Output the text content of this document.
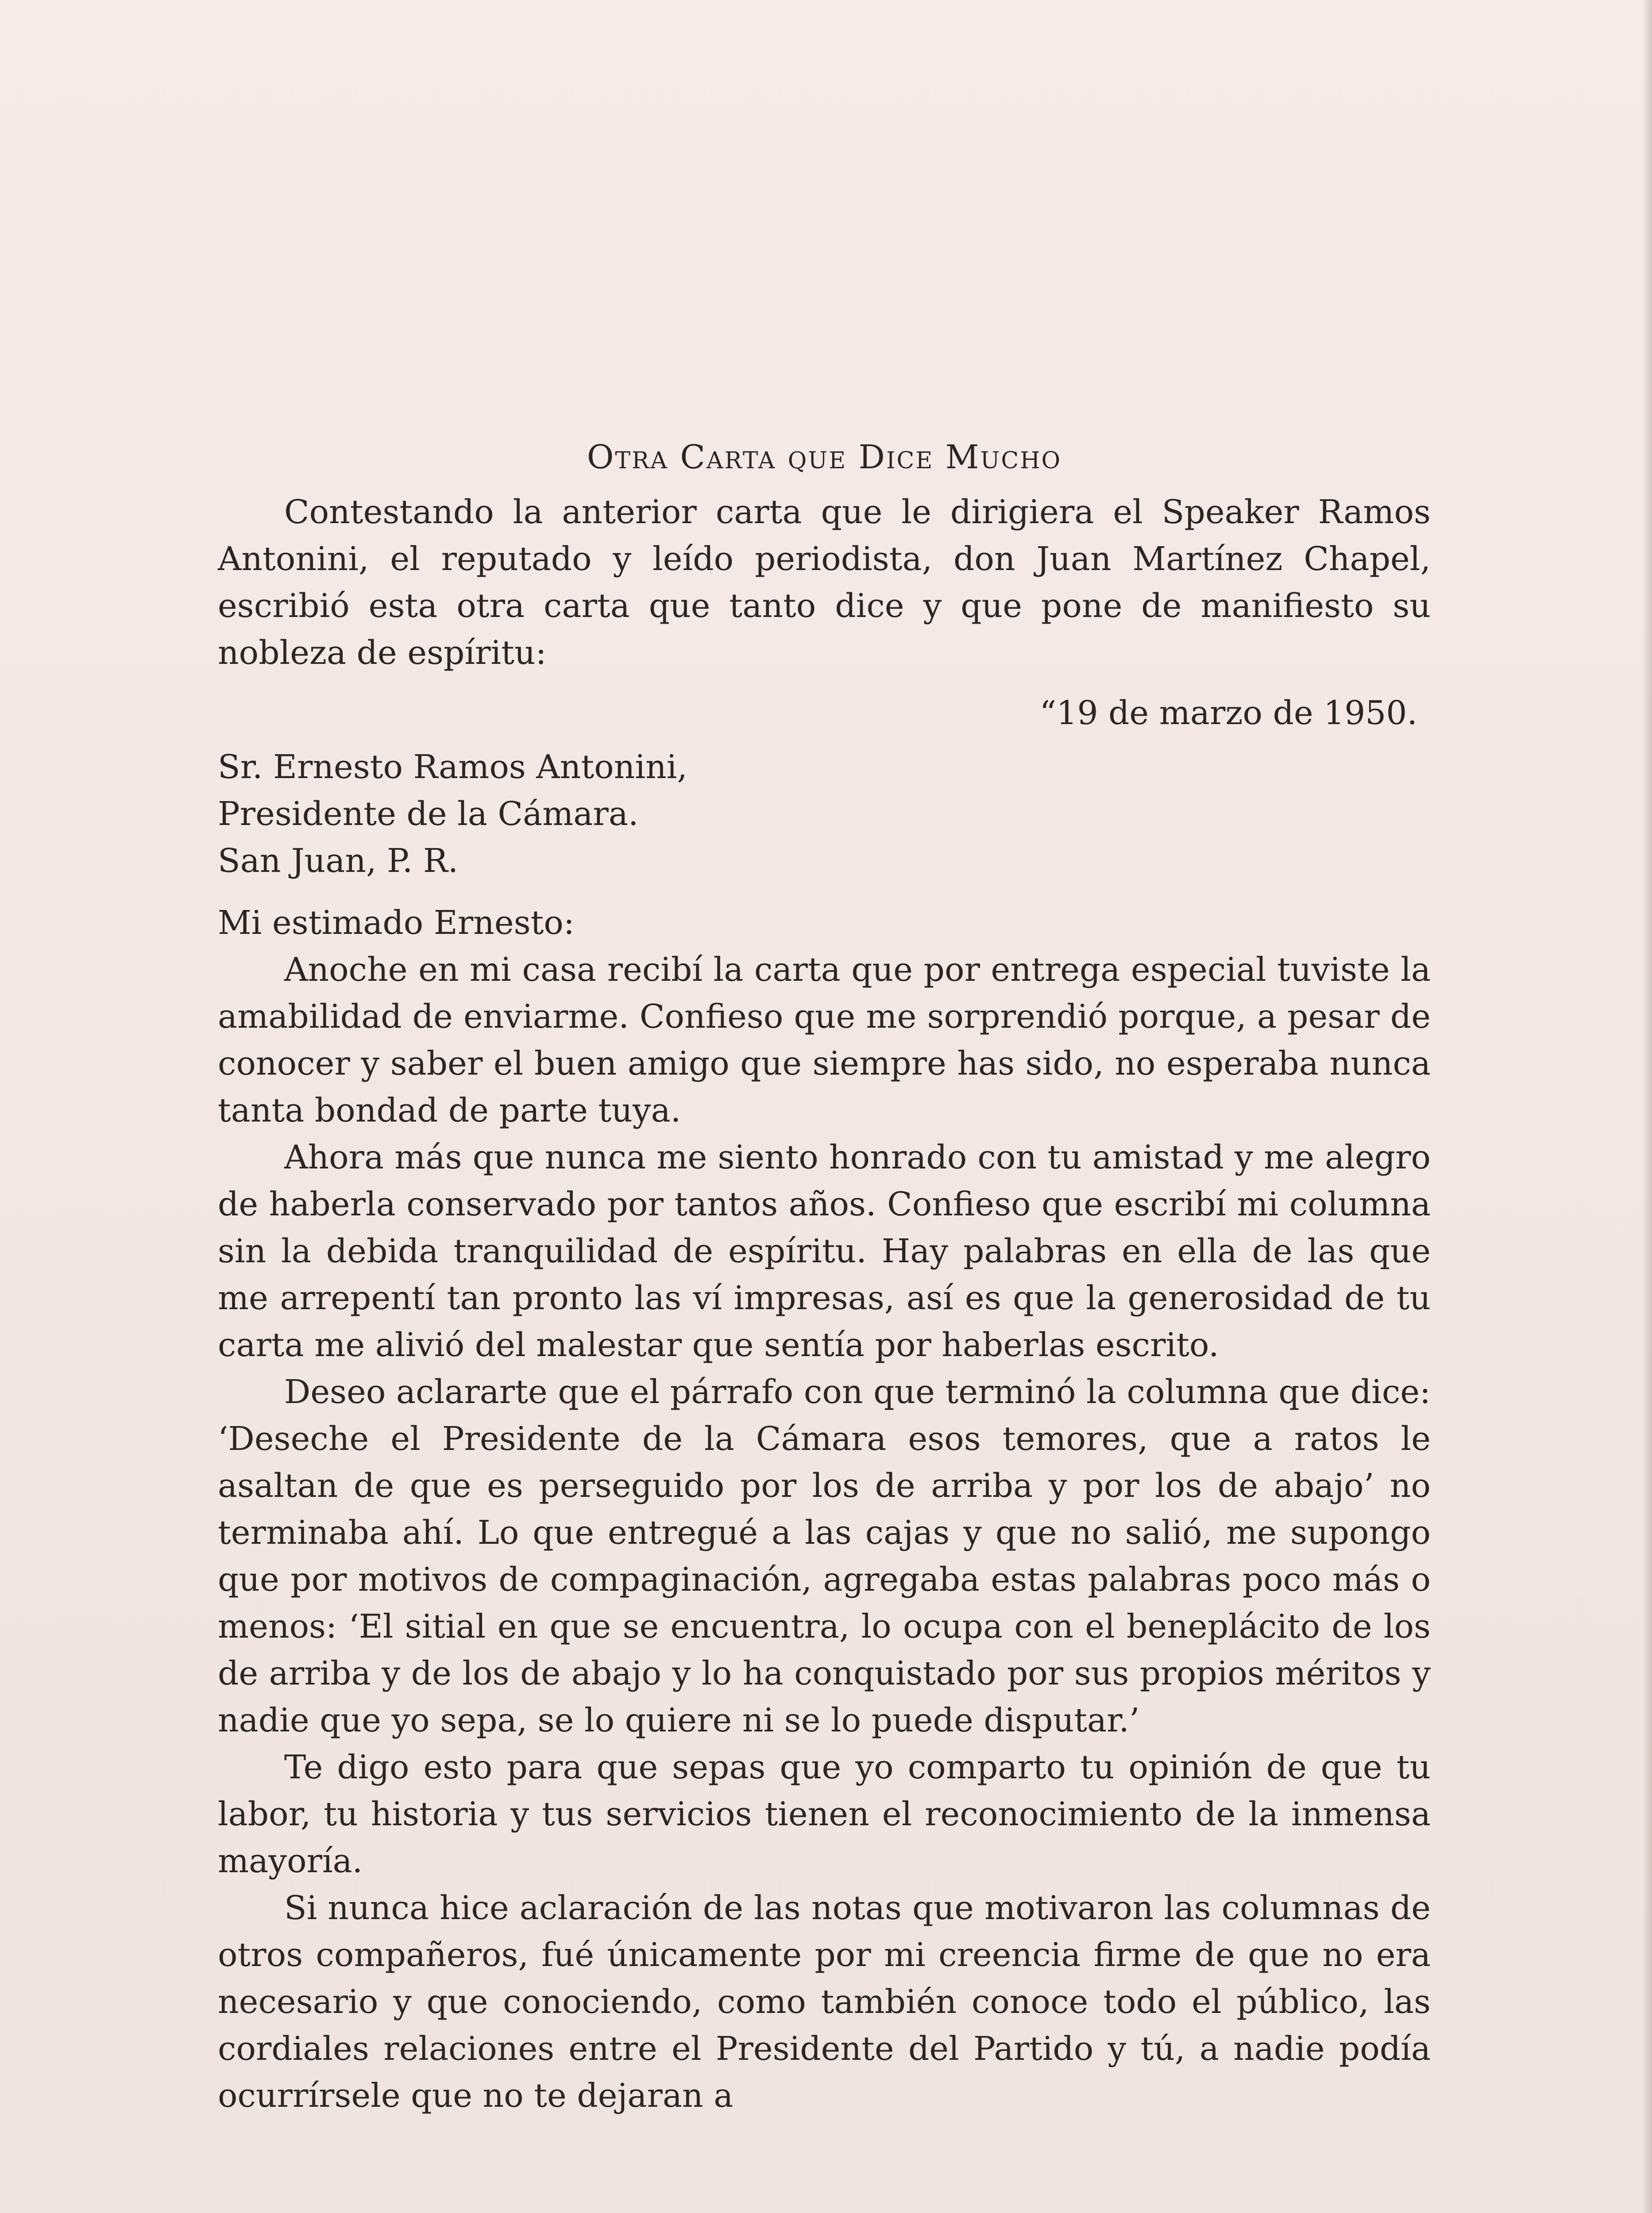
Otra Carta que Dice Mucho

Contestando la anterior carta que le dirigiera el Speaker Ramos Antonini, el reputado y leído periodista, don Juan Martínez Chapel, escribió esta otra carta que tanto dice y que pone de manifiesto su nobleza de espíritu:

“19 de marzo de 1950.

Sr. Ernesto Ramos Antonini,

Presidente de la Cámara.

San Juan, P. R.

Mi estimado Ernesto:

Anoche en mi casa recibí la carta que por entrega especial tuviste la amabilidad de enviarme. Confieso que me sorprendió porque, a pesar de conocer y saber el buen amigo que siempre has sido, no esperaba nunca tanta bondad de parte tuya.

Ahora más que nunca me siento honrado con tu amistad y me alegro de haberla conservado por tantos años. Confieso que escribí mi columna sin la debida tranquilidad de espíritu. Hay palabras en ella de las que me arrepentí tan pronto las ví impresas, así es que la generosidad de tu carta me alivió del malestar que sentía por haberlas escrito.

Deseo aclararte que el párrafo con que terminó la columna que dice: ‘Deseche el Presidente de la Cámara esos temores, que a ratos le asaltan de que es perseguido por los de arriba y por los de abajo’ no terminaba ahí. Lo que entregué a las cajas y que no salió, me supongo que por motivos de compaginación, agregaba estas palabras poco más o menos: ‘El sitial en que se encuentra, lo ocupa con el beneplácito de los de arriba y de los de abajo y lo ha conquistado por sus propios méritos y nadie que yo sepa, se lo quiere ni se lo puede disputar.’

Te digo esto para que sepas que yo comparto tu opinión de que tu labor, tu historia y tus servicios tienen el reconocimiento de la inmensa mayoría.

Si nunca hice aclaración de las notas que motivaron las columnas de otros compañeros, fué únicamente por mi creencia firme de que no era necesario y que conociendo, como también conoce todo el público, las cordiales relaciones entre el Presidente del Partido y tú, a nadie podía ocurrírsele que no te dejaran a
